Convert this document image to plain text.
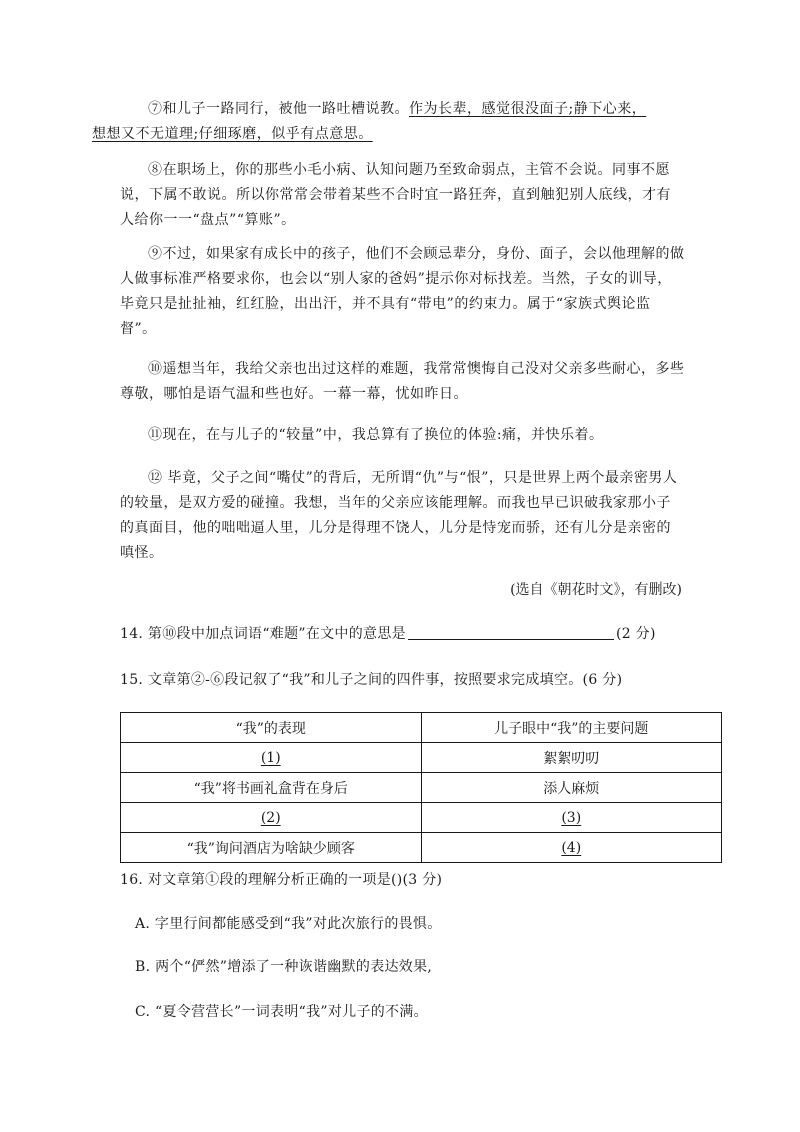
⑦和儿子一路同行，被他一路吐槽说教。作为长辈，感觉很没面子;静下心来，
想想又不无道理;仔细琢磨，似乎有点意思。

⑧在职场上，你的那些小毛小病、认知问题乃至致命弱点，主管不会说。同事不愿说，下属不敢说。所以你常常会带着某些不合时宜一路狂奔，直到触犯别人底线，才有人给你一一“盘点”“算账”。

⑨不过，如果家有成长中的孩子，他们不会顾忌辈分，身份、面子，会以他理解的做人做事标准严格要求你，也会以“别人家的爸妈”提示你对标找差。当然，子女的训导，毕竟只是扯扯袖，红红脸，出出汗，并不具有“带电”的约束力。属于“家族式舆论监督”。

⑩遥想当年，我给父亲也出过这样的难题，我常常懊悔自己没对父亲多些耐心，多些尊敬，哪怕是语气温和些也好。一幕一幕，忧如昨日。

⑪现在，在与儿子的“较量”中，我总算有了换位的体验:痛，并快乐着。

⑫ 毕竟，父子之间“嘴仗”的背后，无所谓“仇”与“恨”，只是世界上两个最亲密男人的较量，是双方爱的碰撞。我想，当年的父亲应该能理解。而我也早已识破我家那小子的真面目，他的咄咄逼人里，儿分是得理不饶人，儿分是恃宠而骄，还有儿分是亲密的嗔怪。

(选自《朝花时文》，有删改)

14. 第⑩段中加点词语“难题”在文中的意思是	(2 分)

15. 文章第②-⑥段记叙了“我”和儿子之间的四件事，按照要求完成填空。(6 分)

“我”的表现	儿子眼中“我”的主要问题
(1)	絮絮叨叨
“我”将书画礼盒背在身后	添人麻烦
(2)	(3)
“我”询问酒店为啥缺少顾客	(4)

16. 对文章第①段的理解分析正确的一项是()(3 分)

A. 字里行间都能感受到“我”对此次旅行的畏惧。

B. 两个“俨然”增添了一种诙谐幽默的表达效果,

C. “夏令营营长”一词表明“我”对儿子的不满。
